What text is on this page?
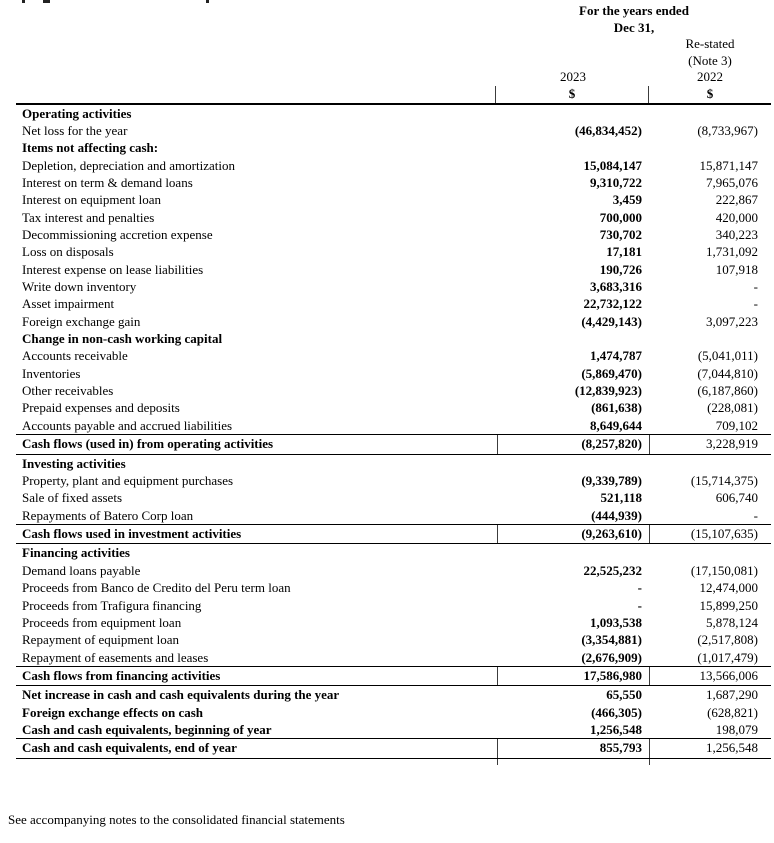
For the years ended
Dec 31,
Re-stated
(Note 3)
2023	2022
$	$
Operating activities
Net loss for the year	(46,834,452)	(8,733,967)
Items not affecting cash:
Depletion, depreciation and amortization	15,084,147	15,871,147
Interest on term & demand loans	9,310,722	7,965,076
Interest on equipment loan	3,459	222,867
Tax interest and penalties	700,000	420,000
Decommissioning accretion expense	730,702	340,223
Loss on disposals	17,181	1,731,092
Interest expense on lease liabilities	190,726	107,918
Write down inventory	3,683,316	-
Asset impairment	22,732,122	-
Foreign exchange gain	(4,429,143)	3,097,223
Change in non-cash working capital
Accounts receivable	1,474,787	(5,041,011)
Inventories	(5,869,470)	(7,044,810)
Other receivables	(12,839,923)	(6,187,860)
Prepaid expenses and deposits	(861,638)	(228,081)
Accounts payable and accrued liabilities	8,649,644	709,102
Cash flows (used in) from operating activities	(8,257,820)	3,228,919
Investing activities
Property, plant and equipment purchases	(9,339,789)	(15,714,375)
Sale of fixed assets	521,118	606,740
Repayments of Batero Corp loan	(444,939)	-
Cash flows used in investment activities	(9,263,610)	(15,107,635)
Financing activities
Demand loans payable	22,525,232	(17,150,081)
Proceeds from Banco de Credito del Peru term loan	-	12,474,000
Proceeds from Trafigura financing	-	15,899,250
Proceeds from equipment loan	1,093,538	5,878,124
Repayment of equipment loan	(3,354,881)	(2,517,808)
Repayment of easements and leases	(2,676,909)	(1,017,479)
Cash flows from financing activities	17,586,980	13,566,006
Net increase in cash and cash equivalents during the year	65,550	1,687,290
Foreign exchange effects on cash	(466,305)	(628,821)
Cash and cash equivalents, beginning of year	1,256,548	198,079
Cash and cash equivalents, end of year	855,793	1,256,548
See accompanying notes to the consolidated financial statements
